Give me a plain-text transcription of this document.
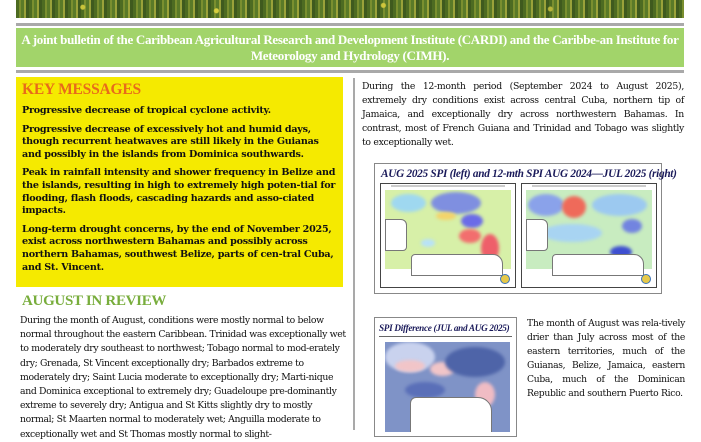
A joint bulletin of the Caribbean Agricultural Research and Development Institute (CARDI) and the Caribbe-an Institute for Meteorology and Hydrology (CIMH).
KEY MESSAGES

Progressive decrease of tropical cyclone activity.

Progressive decrease of excessively hot and humid days, though recurrent heatwaves are still likely in the Guianas and possibly in the islands from Dominica southwards.

Peak in rainfall intensity and shower frequency in Belize and the islands, resulting in high to extremely high poten-tial for flooding, flash floods, cascading hazards and asso-ciated impacts.

Long-term drought concerns, by the end of November 2025, exist across northwestern Bahamas and possibly across northern Bahamas, southwest Belize, parts of cen-tral Cuba, and St. Vincent.

AUGUST IN REVIEW

During the month of August, conditions were mostly normal to below normal throughout the eastern Caribbean. Trinidad was exceptionally wet to moderately dry southeast to northwest; Tobago normal to mod-erately dry; Grenada, St Vincent exceptionally dry; Barbados extreme to moderately dry; Saint Lucia moderate to exceptionally dry; Marti-nique and Dominica exceptional to extremely dry; Guadeloupe pre-dominantly extreme to severely dry; Antigua and St Kitts slightly dry to mostly normal; St Maarten normal to moderately wet; Anguilla moderate to exceptionally wet and St Thomas mostly normal to slight-

During the 12-month period (September 2024 to August 2025), extremely dry conditions exist across central Cuba, northern tip of Jamaica, and exceptionally dry across northwestern Bahamas. In contrast, most of French Guiana and Trinidad and Tobago was slightly to exceptionally wet.

AUG 2025 SPI (left) and 12-mth SPI AUG 2024—JUL 2025 (right)
SPI Difference (JUL and AUG 2025) The month of August was rela-tively drier than July across most of the eastern territories, much of the Guianas, Belize, Jamaica, eastern Cuba, much of the Dominican Republic and southern Puerto Rico.
